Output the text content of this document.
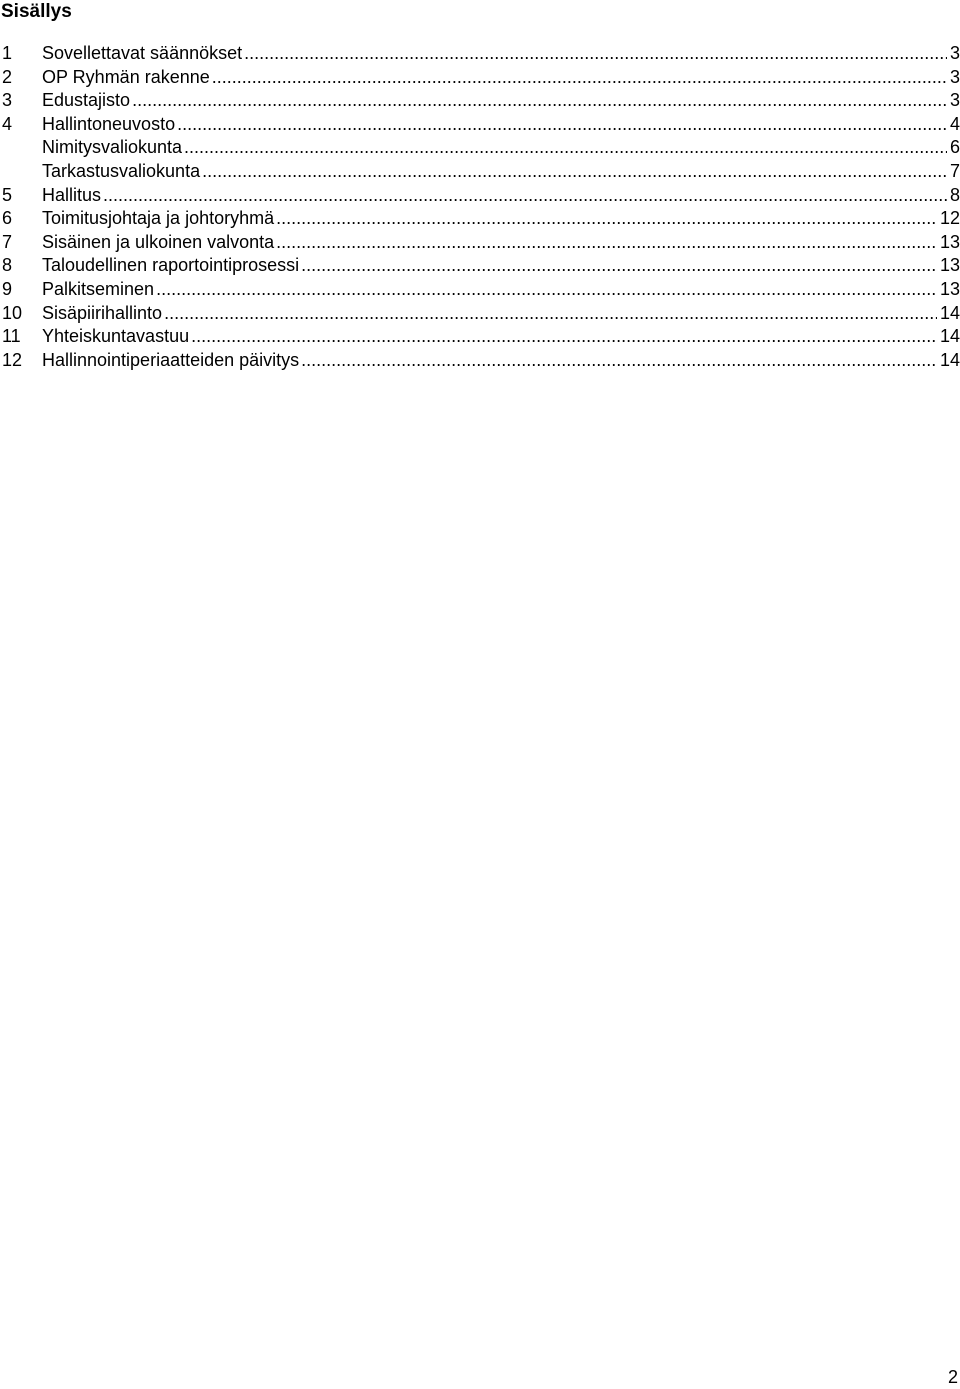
Sisällys
1 Sovellettavat säännökset .....	3
2 OP Ryhmän rakenne .....	3
3 Edustajisto .....	3
4 Hallintoneuvosto .....	4
Nimitysvaliokunta .....	6
Tarkastusvaliokunta .....	7
5 Hallitus .....	8
6 Toimitusjohtaja ja johtoryhmä .....	12
7 Sisäinen ja ulkoinen valvonta .....	13
8 Taloudellinen raportointiprosessi .....	13
9 Palkitseminen .....	13
10 Sisäpiirihallinto .....	14
11 Yhteiskuntavastuu .....	14
12 Hallinnointiperiaatteiden päivitys .....	14
2
